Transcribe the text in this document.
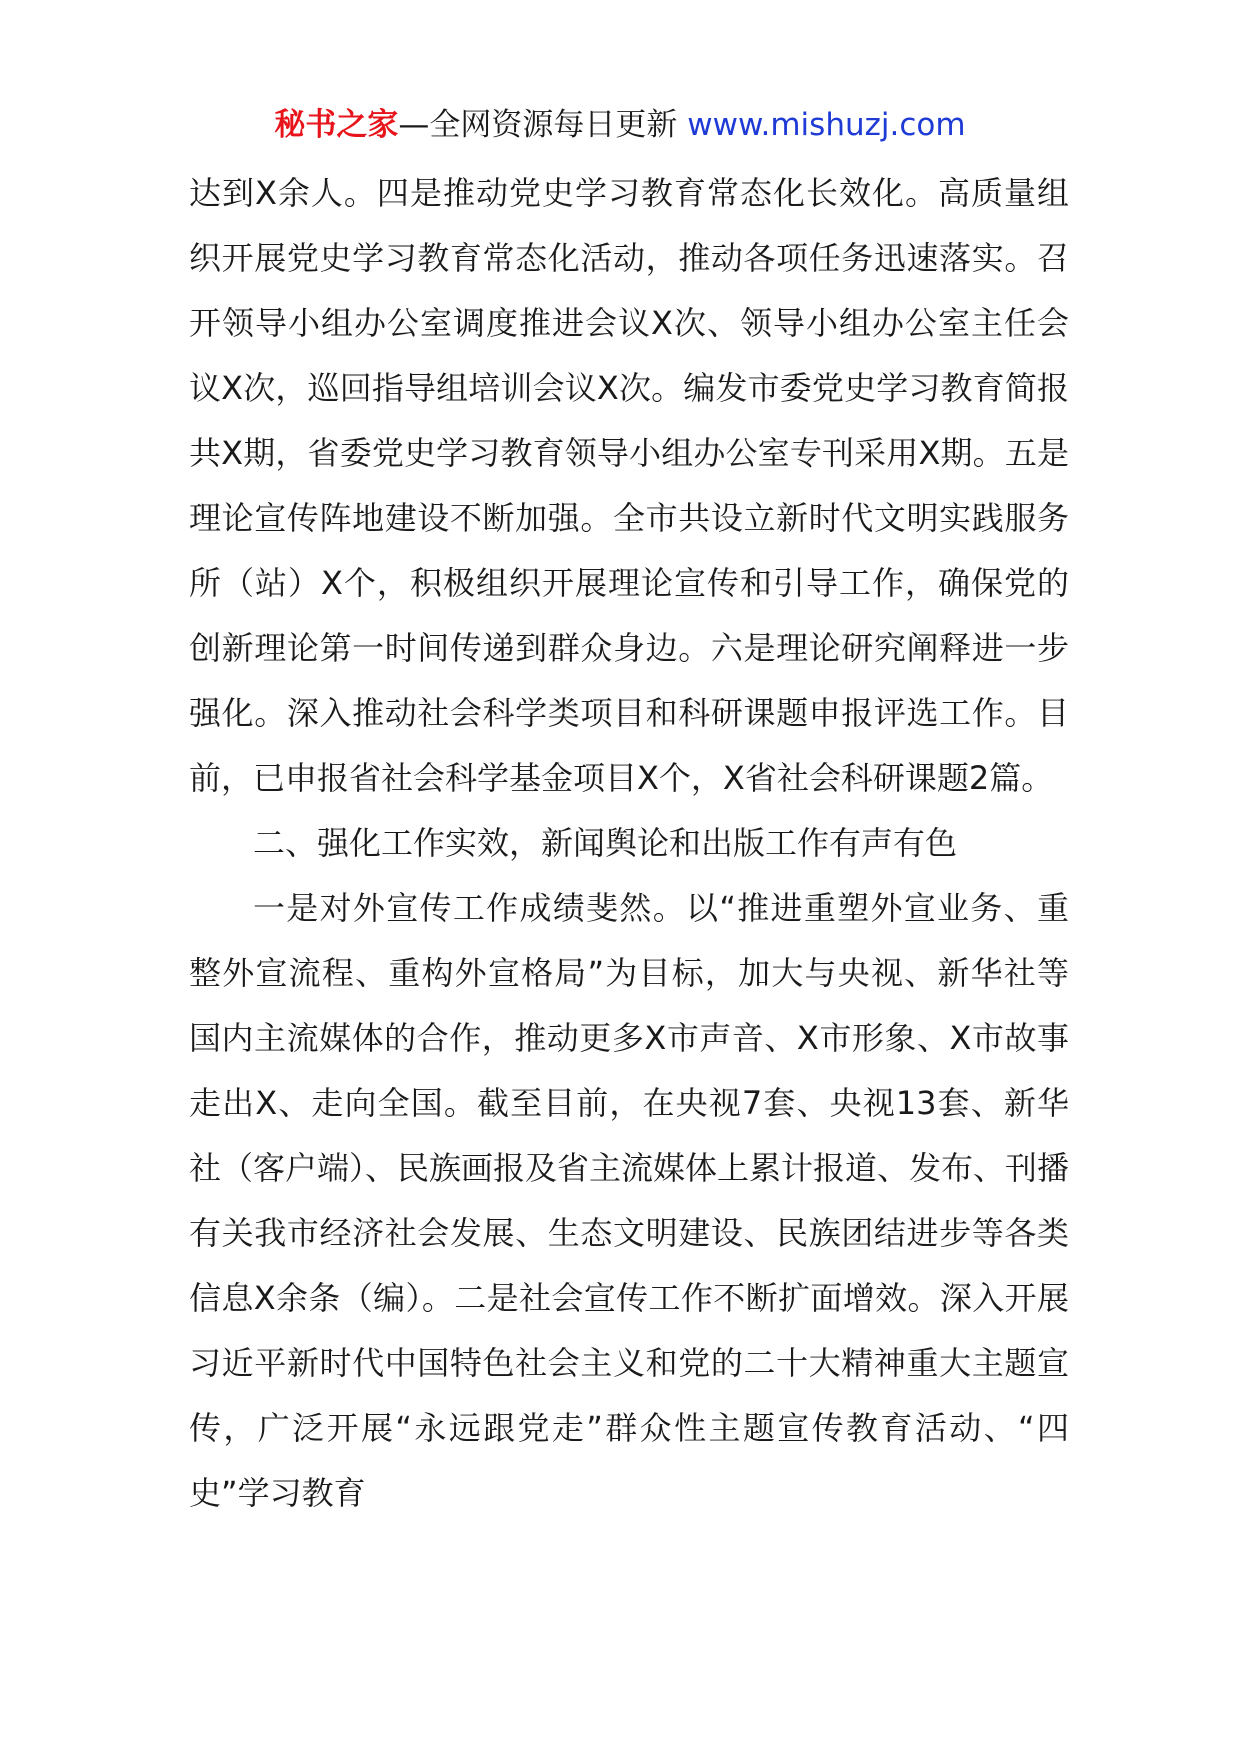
秘书之家—全网资源每日更新 www.mishuzj.com

达到X余人。四是推动党史学习教育常态化长效化。高质量组织开展党史学习教育常态化活动，推动各项任务迅速落实。召开领导小组办公室调度推进会议X次、领导小组办公室主任会议X次，巡回指导组培训会议X次。编发市委党史学习教育简报共X期，省委党史学习教育领导小组办公室专刊采用X期。五是理论宣传阵地建设不断加强。全市共设立新时代文明实践服务所（站）X个，积极组织开展理论宣传和引导工作，确保党的创新理论第一时间传递到群众身边。六是理论研究阐释进一步强化。深入推动社会科学类项目和科研课题申报评选工作。目前，已申报省社会科学基金项目X个，X省社会科研课题2篇。

二、强化工作实效，新闻舆论和出版工作有声有色

一是对外宣传工作成绩斐然。以“推进重塑外宣业务、重整外宣流程、重构外宣格局”为目标，加大与央视、新华社等国内主流媒体的合作，推动更多X市声音、X市形象、X市故事走出X、走向全国。截至目前，在央视7套、央视13套、新华社（客户端）、民族画报及省主流媒体上累计报道、发布、刊播有关我市经济社会发展、生态文明建设、民族团结进步等各类信息X余条（编）。二是社会宣传工作不断扩面增效。深入开展习近平新时代中国特色社会主义和党的二十大精神重大主题宣传，广泛开展“永远跟党走”群众性主题宣传教育活动、“四史”学习教育
